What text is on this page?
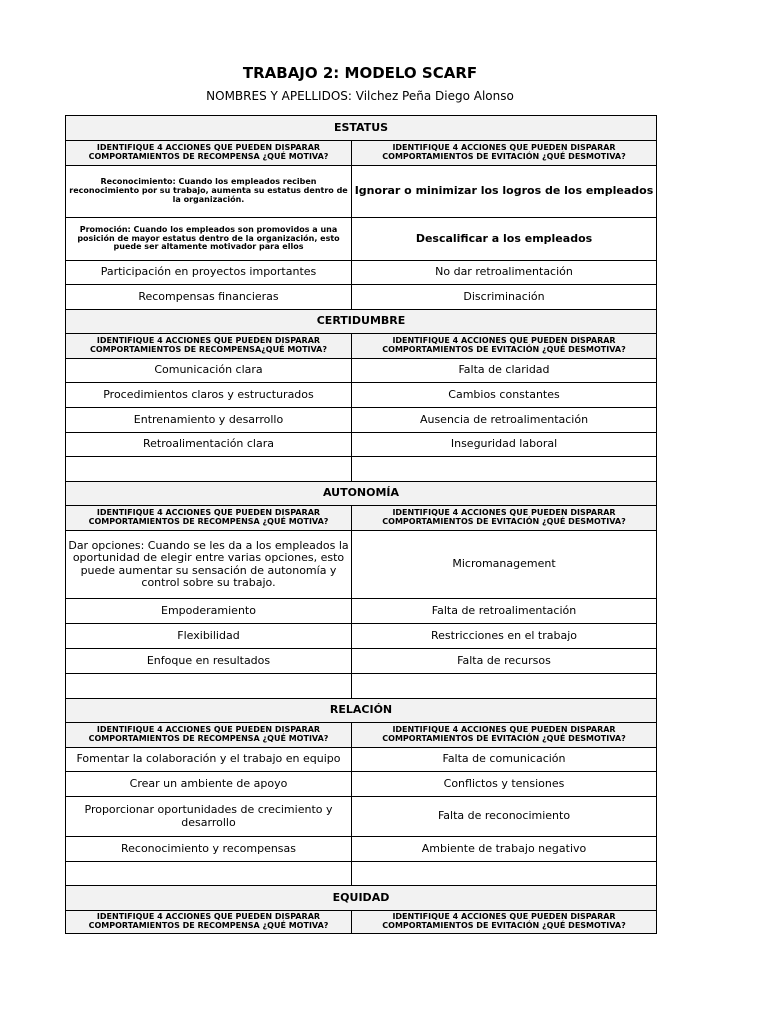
TRABAJO 2: MODELO SCARF
NOMBRES Y APELLIDOS: Vilchez Peña Diego Alonso
ESTATUS	
IDENTIFIQUE 4 ACCIONES QUE PUEDEN DISPARAR COMPORTAMIENTOS DE RECOMPENSA ¿QUÉ MOTIVA?	IDENTIFIQUE 4 ACCIONES QUE PUEDEN DISPARAR COMPORTAMIENTOS DE EVITACIÓN ¿QUÉ DESMOTIVA?
Reconocimiento: Cuando los empleados reciben reconocimiento por su trabajo, aumenta su estatus dentro de la organización.	Ignorar o minimizar los logros de los empleados
Promoción: Cuando los empleados son promovidos a una posición de mayor estatus dentro de la organización, esto puede ser altamente motivador para ellos	Descalificar a los empleados
Participación en proyectos importantes	No dar retroalimentación
Recompensas financieras	Discriminación
CERTIDUMBRE	
IDENTIFIQUE 4 ACCIONES QUE PUEDEN DISPARAR COMPORTAMIENTOS DE RECOMPENSA¿QUÉ MOTIVA?	IDENTIFIQUE 4 ACCIONES QUE PUEDEN DISPARAR COMPORTAMIENTOS DE EVITACIÓN ¿QUÉ DESMOTIVA?
Comunicación clara	Falta de claridad
Procedimientos claros y estructurados	Cambios constantes
Entrenamiento y desarrollo	Ausencia de retroalimentación
Retroalimentación clara	Inseguridad laboral

AUTONOMÍA	
IDENTIFIQUE 4 ACCIONES QUE PUEDEN DISPARAR COMPORTAMIENTOS DE RECOMPENSA ¿QUÉ MOTIVA?	IDENTIFIQUE 4 ACCIONES QUE PUEDEN DISPARAR COMPORTAMIENTOS DE EVITACIÓN ¿QUÉ DESMOTIVA?
Dar opciones: Cuando se les da a los empleados la oportunidad de elegir entre varias opciones, esto puede aumentar su sensación de autonomía y control sobre su trabajo.	Micromanagement
Empoderamiento	Falta de retroalimentación
Flexibilidad	Restricciones en el trabajo
Enfoque en resultados	Falta de recursos

RELACIÓN	
IDENTIFIQUE 4 ACCIONES QUE PUEDEN DISPARAR COMPORTAMIENTOS DE RECOMPENSA ¿QUÉ MOTIVA?	IDENTIFIQUE 4 ACCIONES QUE PUEDEN DISPARAR COMPORTAMIENTOS DE EVITACIÓN ¿QUÉ DESMOTIVA?
Fomentar la colaboración y el trabajo en equipo	Falta de comunicación
Crear un ambiente de apoyo	Conflictos y tensiones
Proporcionar oportunidades de crecimiento y desarrollo	Falta de reconocimiento
Reconocimiento y recompensas	Ambiente de trabajo negativo

EQUIDAD	
IDENTIFIQUE 4 ACCIONES QUE PUEDEN DISPARAR COMPORTAMIENTOS DE RECOMPENSA ¿QUÉ MOTIVA?	IDENTIFIQUE 4 ACCIONES QUE PUEDEN DISPARAR COMPORTAMIENTOS DE EVITACIÓN ¿QUÉ DESMOTIVA?
